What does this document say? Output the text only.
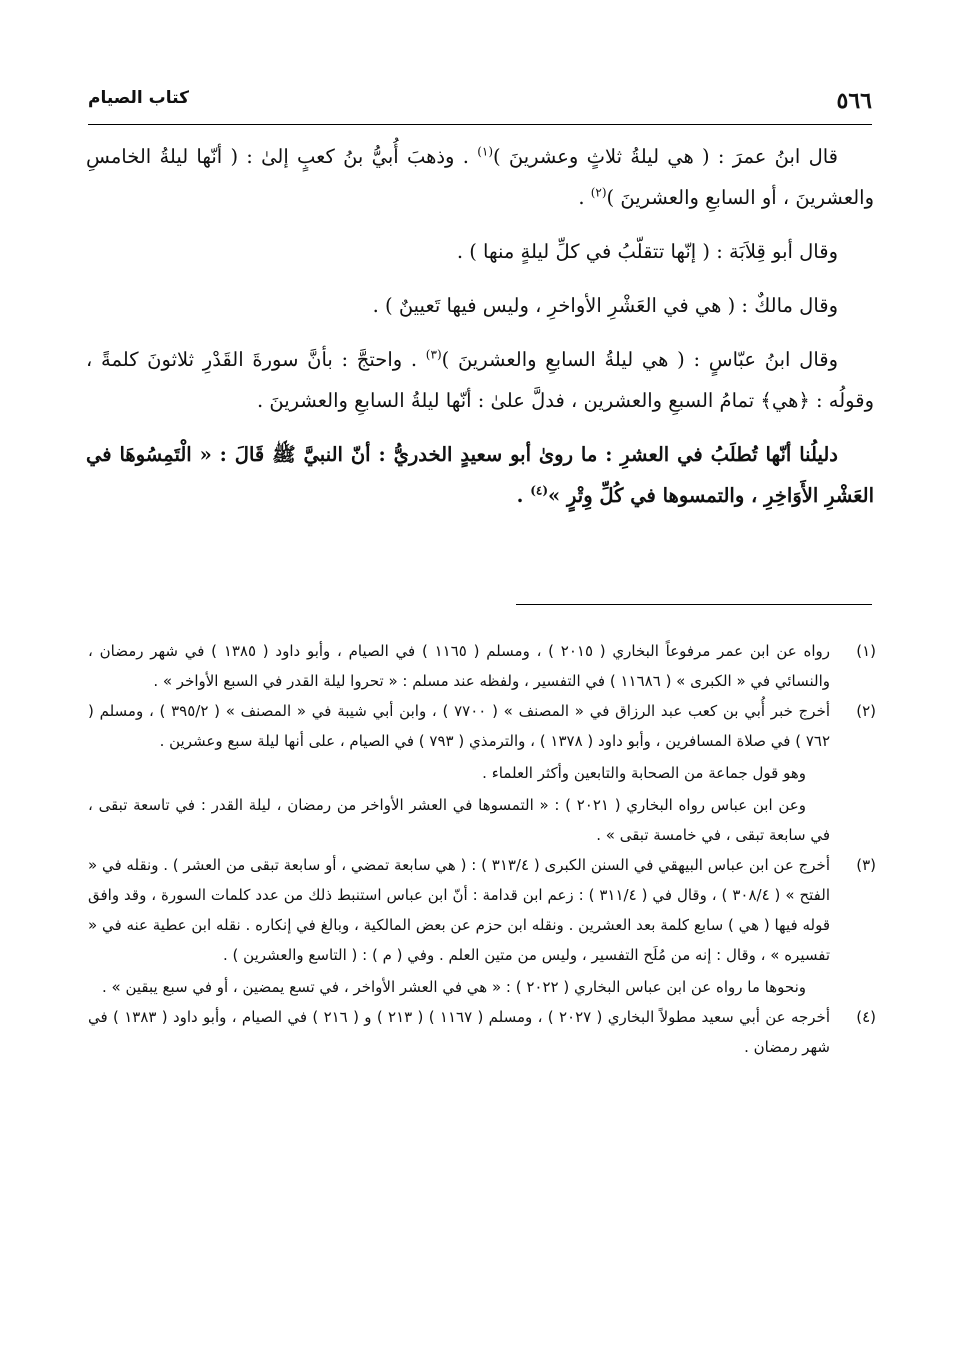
٥٦٦
كتاب الصيام

قال ابنُ عمرَ : ( هي ليلةُ ثلاثٍ وعشرينَ )$^{(١)}$ . وذهبَ أُبيُّ بنُ كعبٍ إلىٰ : ( أنّها ليلةُ الخامسِ والعشرينَ ، أو السابعِ والعشرينَ )$^{(٢)}$ .

وقال أبو قِلاَبَة : ( إنّها تتقلّبُ في كلِّ ليلةٍ منها ) .

وقال مالكٌ : ( هي في العَشْرِ الأواخرِ ، وليس فيها تَعيينٌ ) .

وقال ابنُ عبّاسٍ : ( هي ليلةُ السابعِ والعشرينَ )$^{(٣)}$ . واحتجَّ : بأنَّ سورةَ القَدْرِ ثلاثونَ كلمةً ، وقولُه : ﴿هي﴾ تمامُ السبعِ والعشرين ، فدلَّ علىٰ : أنّها ليلةُ السابعِ والعشرينَ .

دليلُنا أنّها تُطلَبُ في العشرِ : ما روىٰ أبو سعيدٍ الخدريُّ : أنّ النبيَّ ﷺ قَالَ : « الْتَمِسُوهَا في العَشْرِ الأَوَاخِرِ ، والتمسوها في كُلِّ وِتْرٍ »$^{(٤)}$ .

(١)

رواه عن ابن عمر مرفوعاً البخاري ( ٢٠١٥ ) ، ومسلم ( ١١٦٥ ) في الصيام ، وأبو داود ( ١٣٨٥ ) في شهر رمضان ، والنسائي في « الكبرى » ( ١١٦٨٦ ) في التفسير ، ولفظه عند مسلم : « تحروا ليلة القدر في السبع الأواخر » .

(٢)

أخرج خبر أُبي بن كعب عبد الرزاق في « المصنف » ( ٧٧٠٠ ) ، وابن أبي شيبة في « المصنف » ( ٣٩٥/٢ ) ، ومسلم ( ٧٦٢ ) في صلاة المسافرين ، وأبو داود ( ١٣٧٨ ) ، والترمذي ( ٧٩٣ ) في الصيام ، على أنها ليلة سبع وعشرين .

وهو قول جماعة من الصحابة والتابعين وأكثر العلماء .

وعن ابن عباس رواه البخاري ( ٢٠٢١ ) : « التمسوها في العشر الأواخر من رمضان ، ليلة القدر : في تاسعة تبقى ، في سابعة تبقى ، في خامسة تبقى » .

(٣)

أخرج عن ابن عباس البيهقي في السنن الكبرى ( ٣١٣/٤ ) : ( هي سابعة تمضي ، أو سابعة تبقى من العشر ) . ونقله في « الفتح » ( ٣٠٨/٤ ) ، وقال في ( ٣١١/٤ ) : زعم ابن قدامة : أنّ ابن عباس استنبط ذلك من عدد كلمات السورة ، وقد وافق قوله فيها ( هي ) سابع كلمة بعد العشرين . ونقله ابن حزم عن بعض المالكية ، وبالغ في إنكاره . نقله ابن عطية عنه في « تفسيره » ، وقال : إنه من مُلَح التفسير ، وليس من متين العلم . وفي ( م ) : ( التاسع والعشرين ) .

ونحوها ما رواه عن ابن عباس البخاري ( ٢٠٢٢ ) : « هي في العشر الأواخر ، في تسع يمضين ، أو في سبع يبقين » .

(٤)

أخرجه عن أبي سعيد مطولاً البخاري ( ٢٠٢٧ ) ، ومسلم ( ١١٦٧ ) ( ٢١٣ ) و ( ٢١٦ ) في الصيام ، وأبو داود ( ١٣٨٣ ) في شهر رمضان .
